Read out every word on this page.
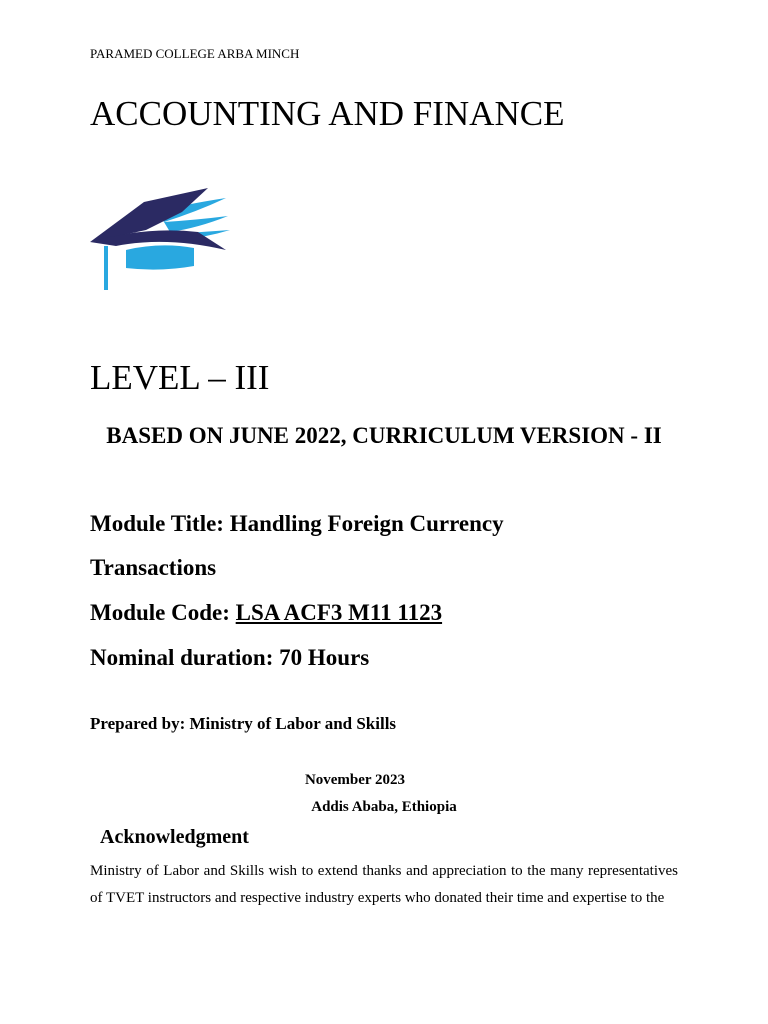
PARAMED COLLEGE ARBA MINCH
ACCOUNTING AND FINANCE
LEVEL – III
BASED ON JUNE 2022, CURRICULUM VERSION - II
Module Title: Handling Foreign Currency Transactions
Module Code: LSA ACF3 M11 1123
Nominal duration: 70 Hours
Prepared by: Ministry of Labor and Skills
November 2023
Addis Ababa, Ethiopia
Acknowledgment
Ministry of Labor and Skills wish to extend thanks and appreciation to the many representatives of TVET instructors and respective industry experts who donated their time and expertise to the
